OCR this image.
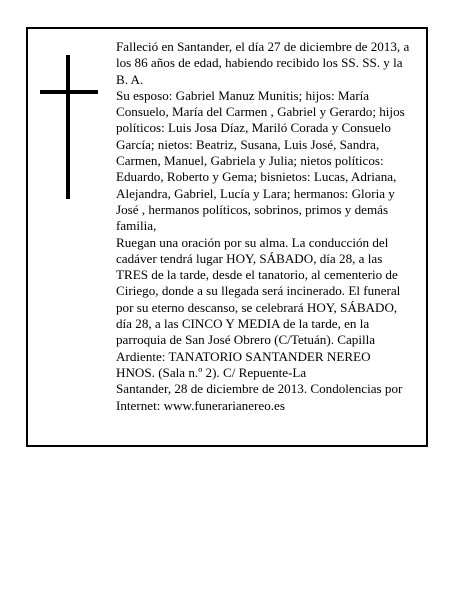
Falleció en Santander, el día 27 de diciembre de 2013, a
los 86 años de edad, habiendo recibido los SS. SS. y la
B. A.

Su esposo: Gabriel Manuz Munitis; hijos: María
Consuelo, María del Carmen , Gabriel y Gerardo; hijos
políticos: Luis Josa Díaz, Mariló Corada y Consuelo
García; nietos: Beatriz, Susana, Luis José, Sandra,
Carmen, Manuel, Gabriela y Julia; nietos políticos:
Eduardo, Roberto y Gema; bisnietos: Lucas, Adriana,
Alejandra, Gabriel, Lucía y Lara; hermanos: Gloria y
José , hermanos políticos, sobrinos, primos y demás
familia,

Ruegan una oración por su alma. La conducción del
cadáver tendrá lugar HOY, SÁBADO, día 28, a las
TRES de la tarde, desde el tanatorio, al cementerio de
Ciriego, donde a su llegada será incinerado. El funeral
por su eterno descanso, se celebrará HOY, SÁBADO,
día 28, a las CINCO Y MEDIA de la tarde, en la
parroquia de San José Obrero (C/Tetuán). Capilla
Ardiente: TANATORIO SANTANDER NEREO
HNOS. (Sala n.º 2). C/ Repuente-La
Santander, 28 de diciembre de 2013. Condolencias por
Internet: www.funerarianereo.es
